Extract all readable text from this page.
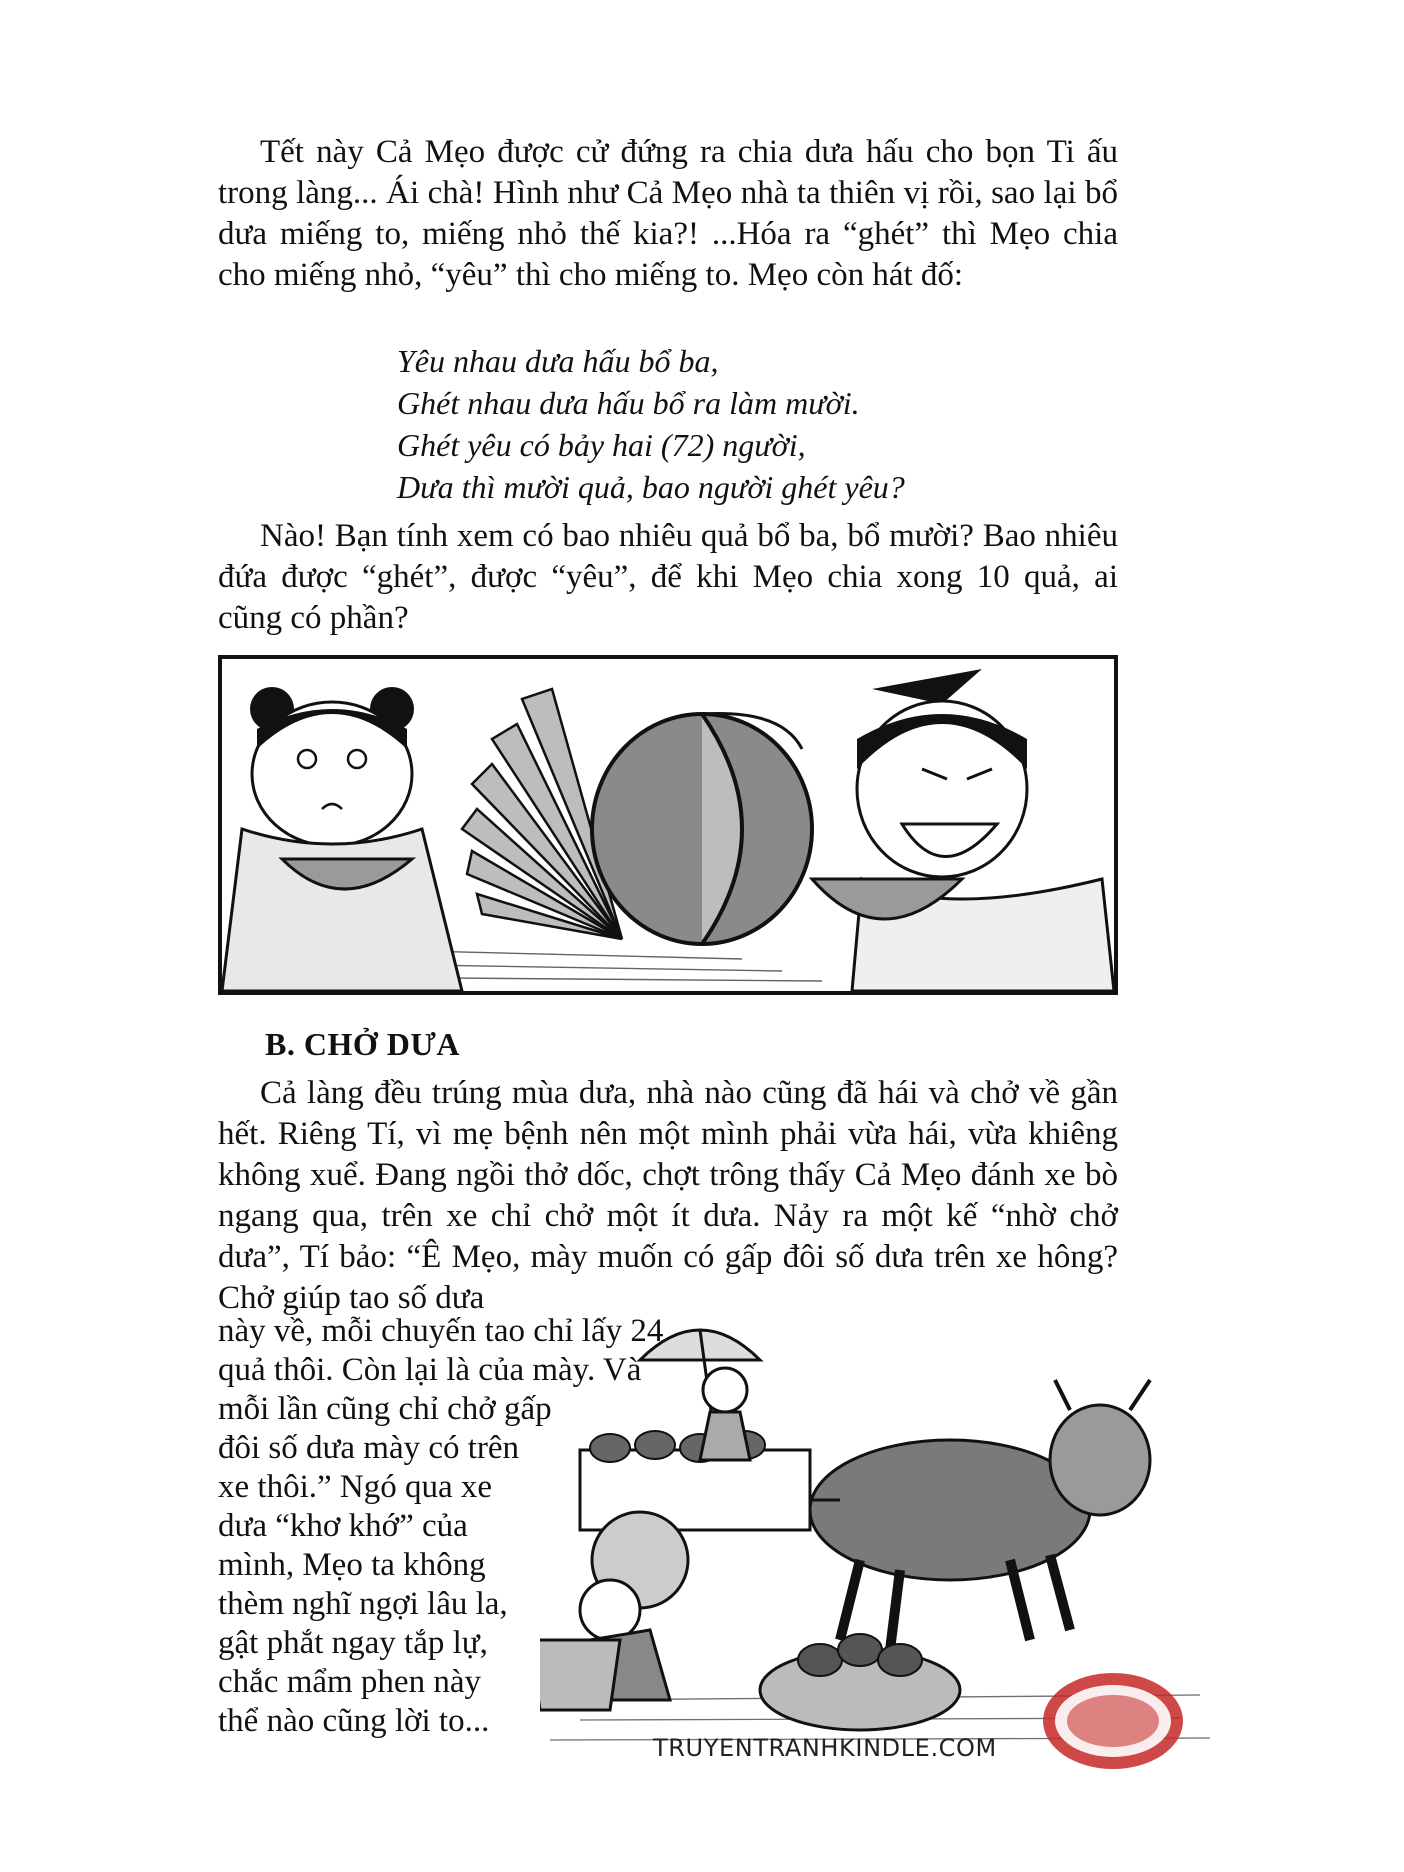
Tết này Cả Mẹo được cử đứng ra chia dưa hấu cho bọn Ti ấu trong làng... Ái chà! Hình như Cả Mẹo nhà ta thiên vị rồi, sao lại bổ dưa miếng to, miếng nhỏ thế kia?! ...Hóa ra “ghét” thì Mẹo chia cho miếng nhỏ, “yêu” thì cho miếng to. Mẹo còn hát đố:

Yêu nhau dưa hấu bổ ba,
Ghét nhau dưa hấu bổ ra làm mười.
Ghét yêu có bảy hai (72) người,
Dưa thì mười quả, bao người ghét yêu?

Nào! Bạn tính xem có bao nhiêu quả bổ ba, bổ mười? Bao nhiêu đứa được “ghét”, được “yêu”, để khi Mẹo chia xong 10 quả, ai cũng có phần?

B. CHỞ DƯA

Cả làng đều trúng mùa dưa, nhà nào cũng đã hái và chở về gần hết. Riêng Tí, vì mẹ bệnh nên một mình phải vừa hái, vừa khiêng không xuể. Đang ngồi thở dốc, chợt trông thấy Cả Mẹo đánh xe bò ngang qua, trên xe chỉ chở một ít dưa. Nảy ra một kế “nhờ chở dưa”, Tí bảo: “Ê Mẹo, mày muốn có gấp đôi số dưa trên xe hông? Chở giúp tao số dưa

này về, mỗi chuyến tao chỉ lấy 24
quả thôi. Còn lại là của mày. Và
mỗi lần cũng chỉ chở gấp
đôi số dưa mày có trên
xe thôi.” Ngó qua xe
dưa “khơ khớ” của
mình, Mẹo ta không
thèm nghĩ ngợi lâu la,
gật phắt ngay tắp lự,
chắc mẩm phen này
thể nào cũng lời to...
TRUYENTRANHKINDLE.COM
